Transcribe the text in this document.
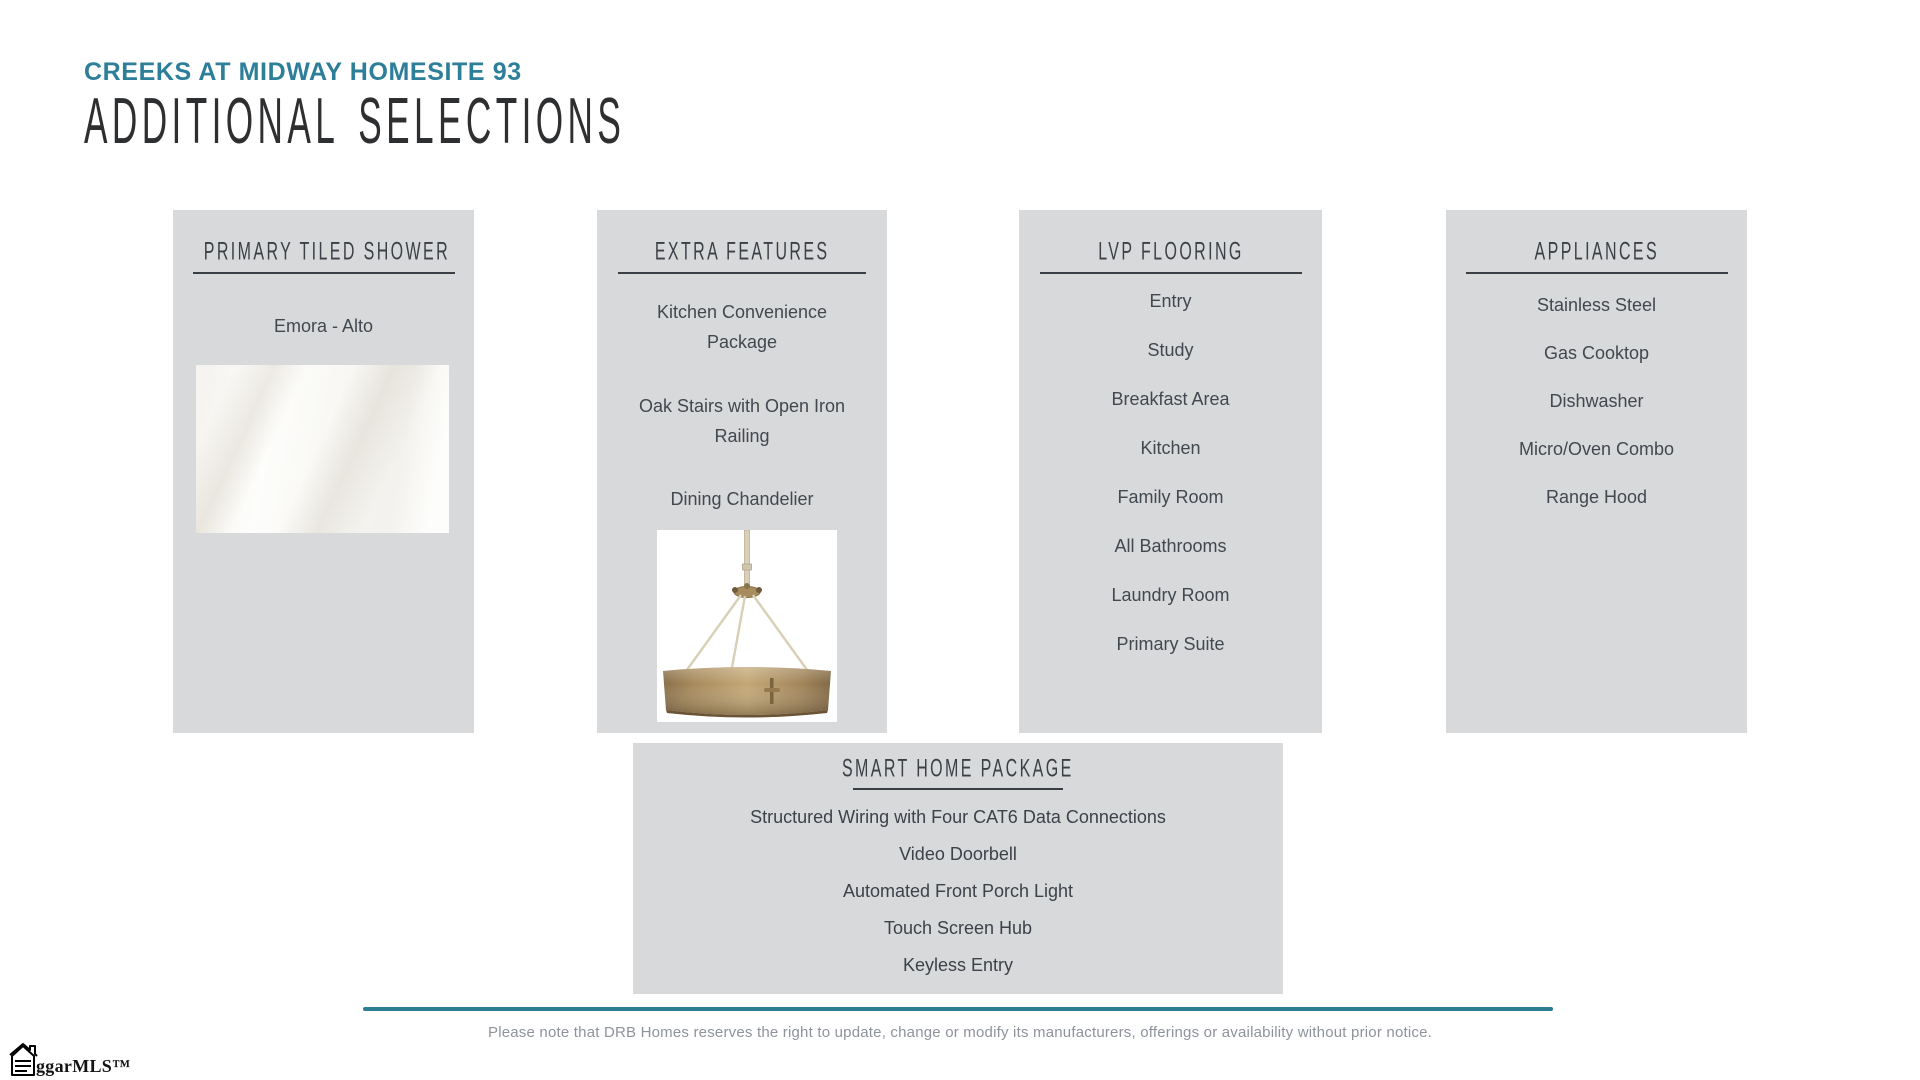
CREEKS AT MIDWAY HOMESITE 93
ADDITIONAL SELECTIONS
PRIMARY TILED SHOWER
Emora - Alto
EXTRA FEATURES
Kitchen Convenience Package
Oak Stairs with Open Iron Railing
Dining Chandelier
LVP FLOORING
Entry
Study
Breakfast Area
Kitchen
Family Room
All Bathrooms
Laundry Room
Primary Suite
APPLIANCES
Stainless Steel
Gas Cooktop
Dishwasher
Micro/Oven Combo
Range Hood
SMART HOME PACKAGE
Structured Wiring with Four CAT6 Data Connections
Video Doorbell
Automated Front Porch Light
Touch Screen Hub
Keyless Entry
Please note that DRB Homes reserves the right to update, change or modify its manufacturers, offerings or availability without prior notice.
ggarMLS™
